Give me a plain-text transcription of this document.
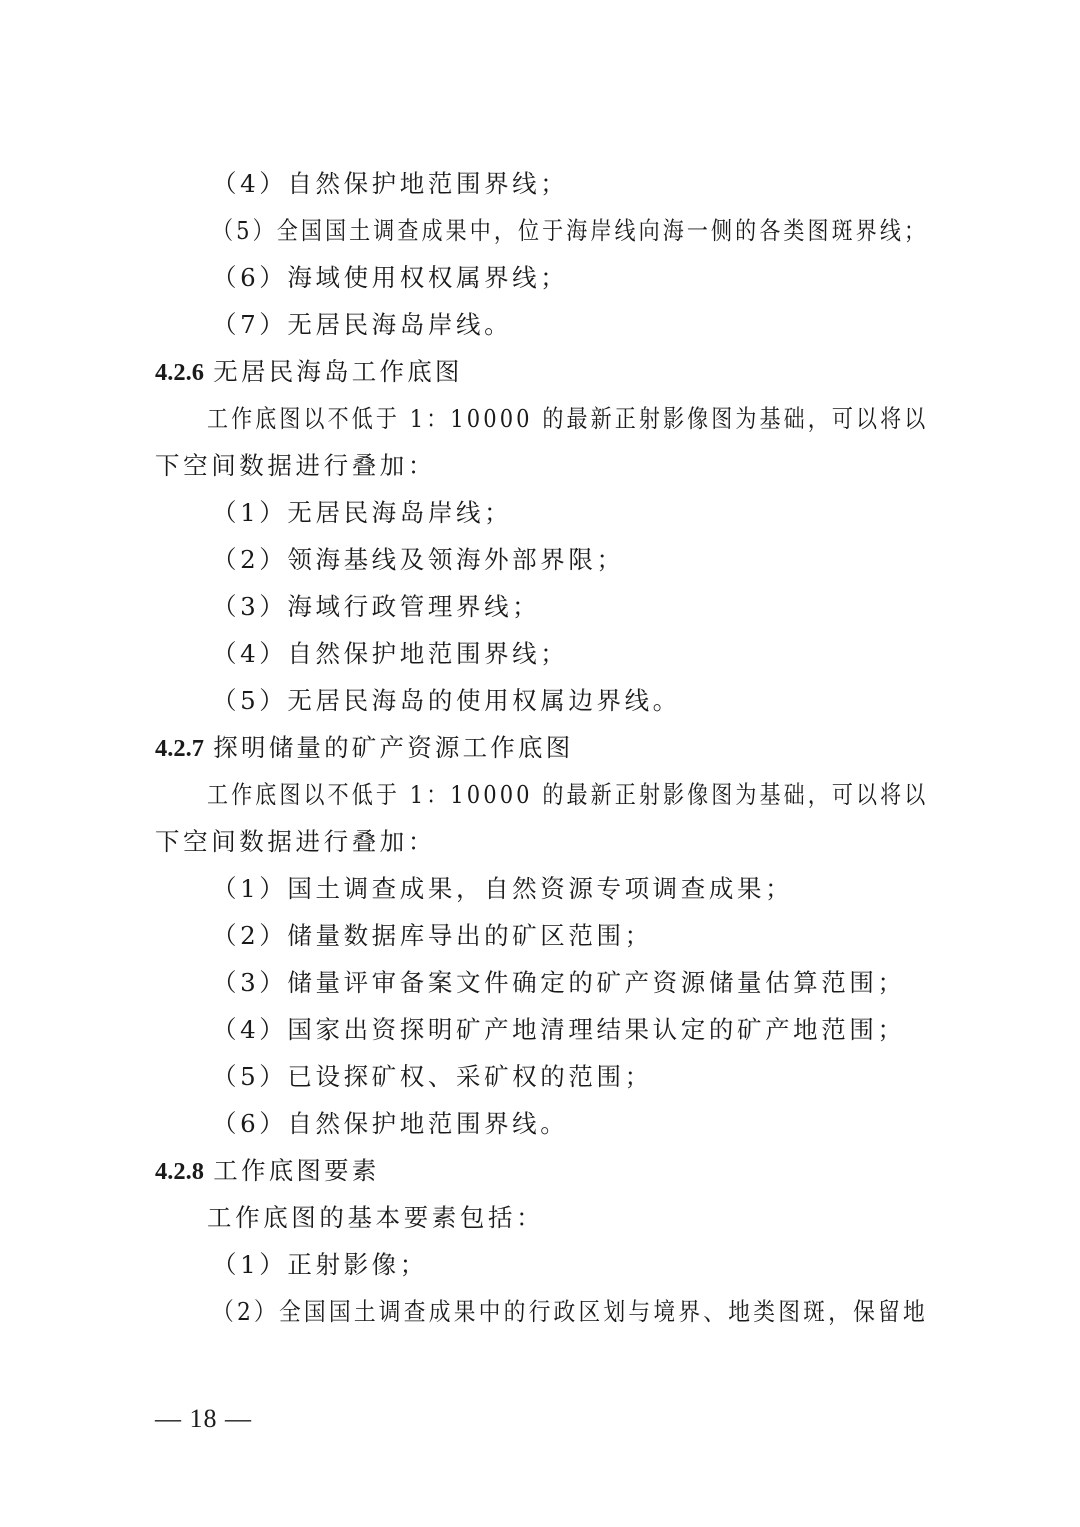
（4）自然保护地范围界线；
（5）全国国土调查成果中，位于海岸线向海一侧的各类图斑界线；
（6）海域使用权权属界线；
（7）无居民海岛岸线。
4.2.6 无居民海岛工作底图
工作底图以不低于 1：10000 的最新正射影像图为基础，可以将以
下空间数据进行叠加：
（1）无居民海岛岸线；
（2）领海基线及领海外部界限；
（3）海域行政管理界线；
（4）自然保护地范围界线；
（5）无居民海岛的使用权属边界线。
4.2.7 探明储量的矿产资源工作底图
工作底图以不低于 1：10000 的最新正射影像图为基础，可以将以
下空间数据进行叠加：
（1）国土调查成果，自然资源专项调查成果；
（2）储量数据库导出的矿区范围；
（3）储量评审备案文件确定的矿产资源储量估算范围；
（4）国家出资探明矿产地清理结果认定的矿产地范围；
（5）已设探矿权、采矿权的范围；
（6）自然保护地范围界线。
4.2.8 工作底图要素
工作底图的基本要素包括：
（1）正射影像；
（2）全国国土调查成果中的行政区划与境界、地类图斑，保留地
— 18 —
